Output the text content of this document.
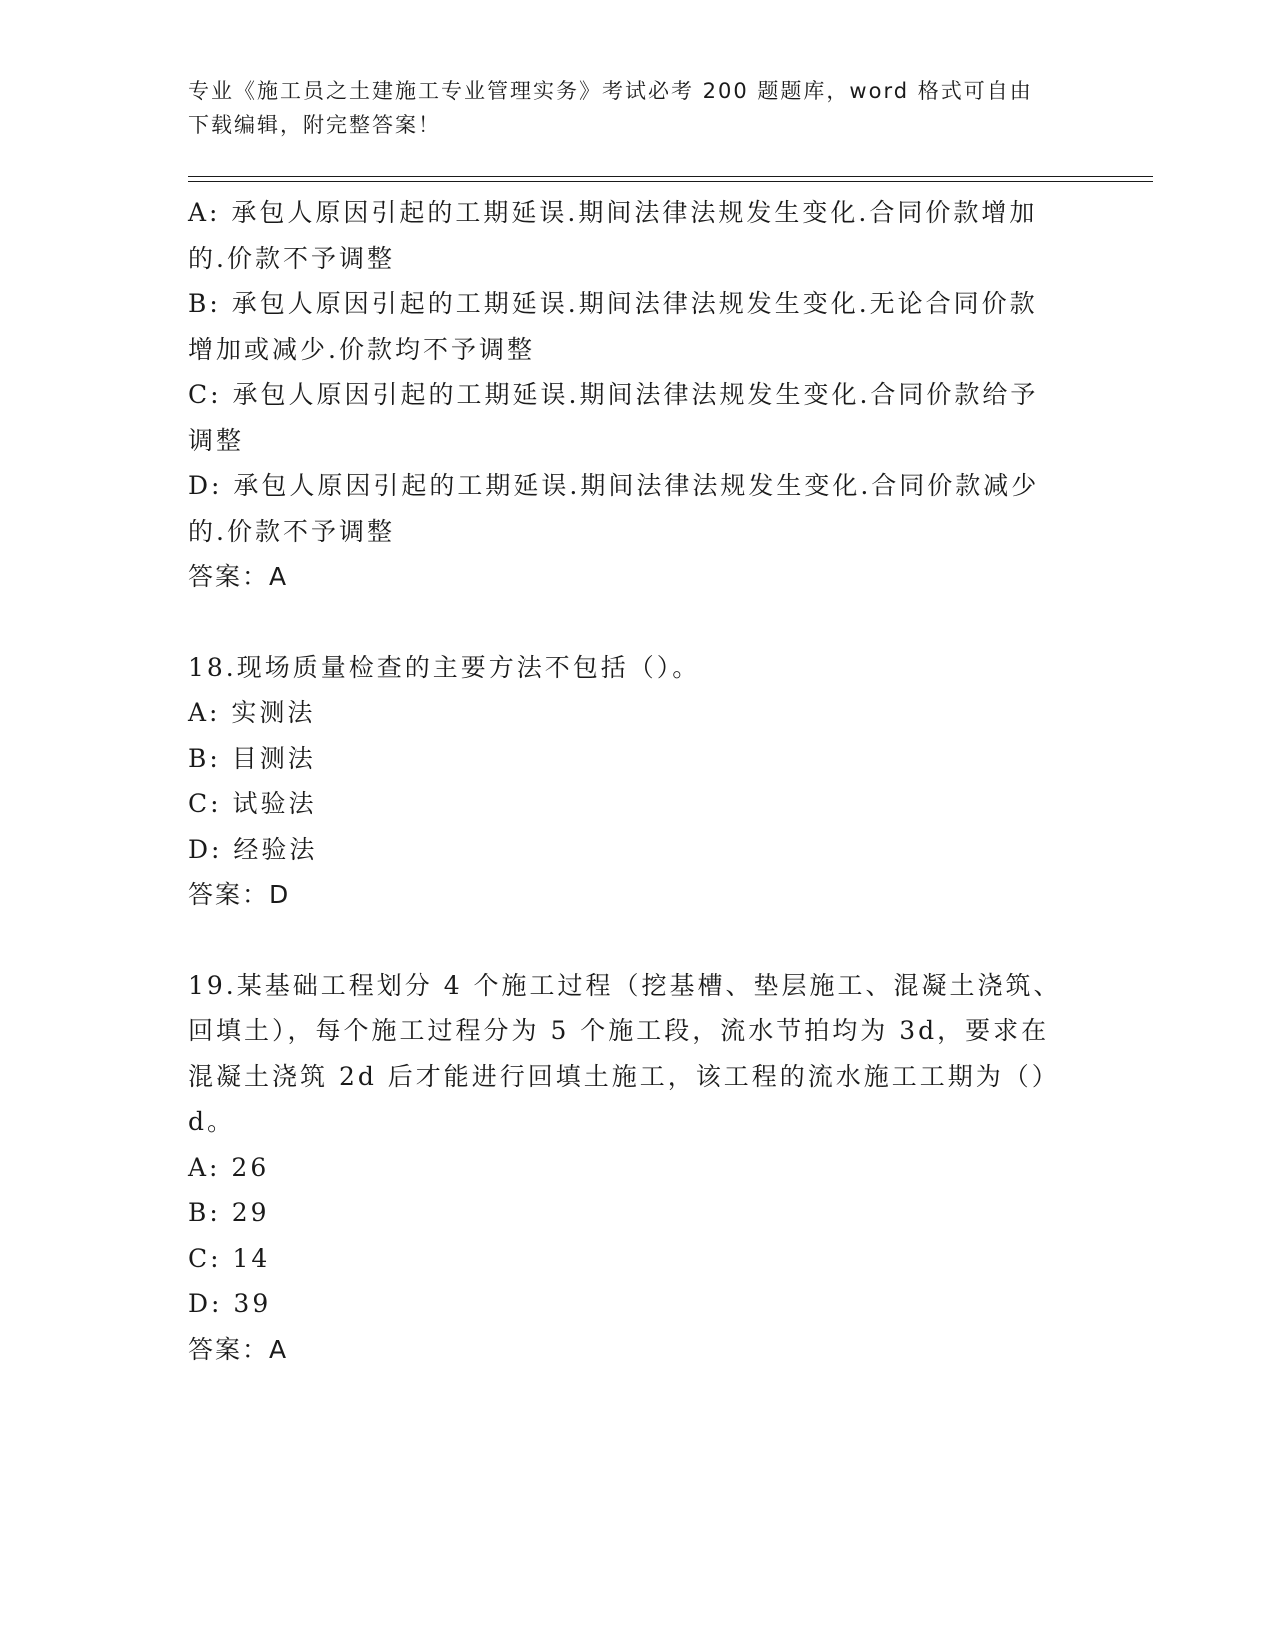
专业《施工员之土建施工专业管理实务》考试必考 200 题题库，word 格式可自由
下载编辑，附完整答案！
A: 承包人原因引起的工期延误.期间法律法规发生变化.合同价款增加
的.价款不予调整
B: 承包人原因引起的工期延误.期间法律法规发生变化.无论合同价款
增加或减少.价款均不予调整
C: 承包人原因引起的工期延误.期间法律法规发生变化.合同价款给予
调整
D: 承包人原因引起的工期延误.期间法律法规发生变化.合同价款减少
的.价款不予调整
答案：A
18.现场质量检查的主要方法不包括（）。
A: 实测法
B: 目测法
C: 试验法
D: 经验法
答案：D
19.某基础工程划分 4 个施工过程（挖基槽、垫层施工、混凝土浇筑、
回填土），每个施工过程分为 5 个施工段，流水节拍均为 3d，要求在
混凝土浇筑 2d 后才能进行回填土施工，该工程的流水施工工期为（）
d。
A: 26
B: 29
C: 14
D: 39
答案：A
